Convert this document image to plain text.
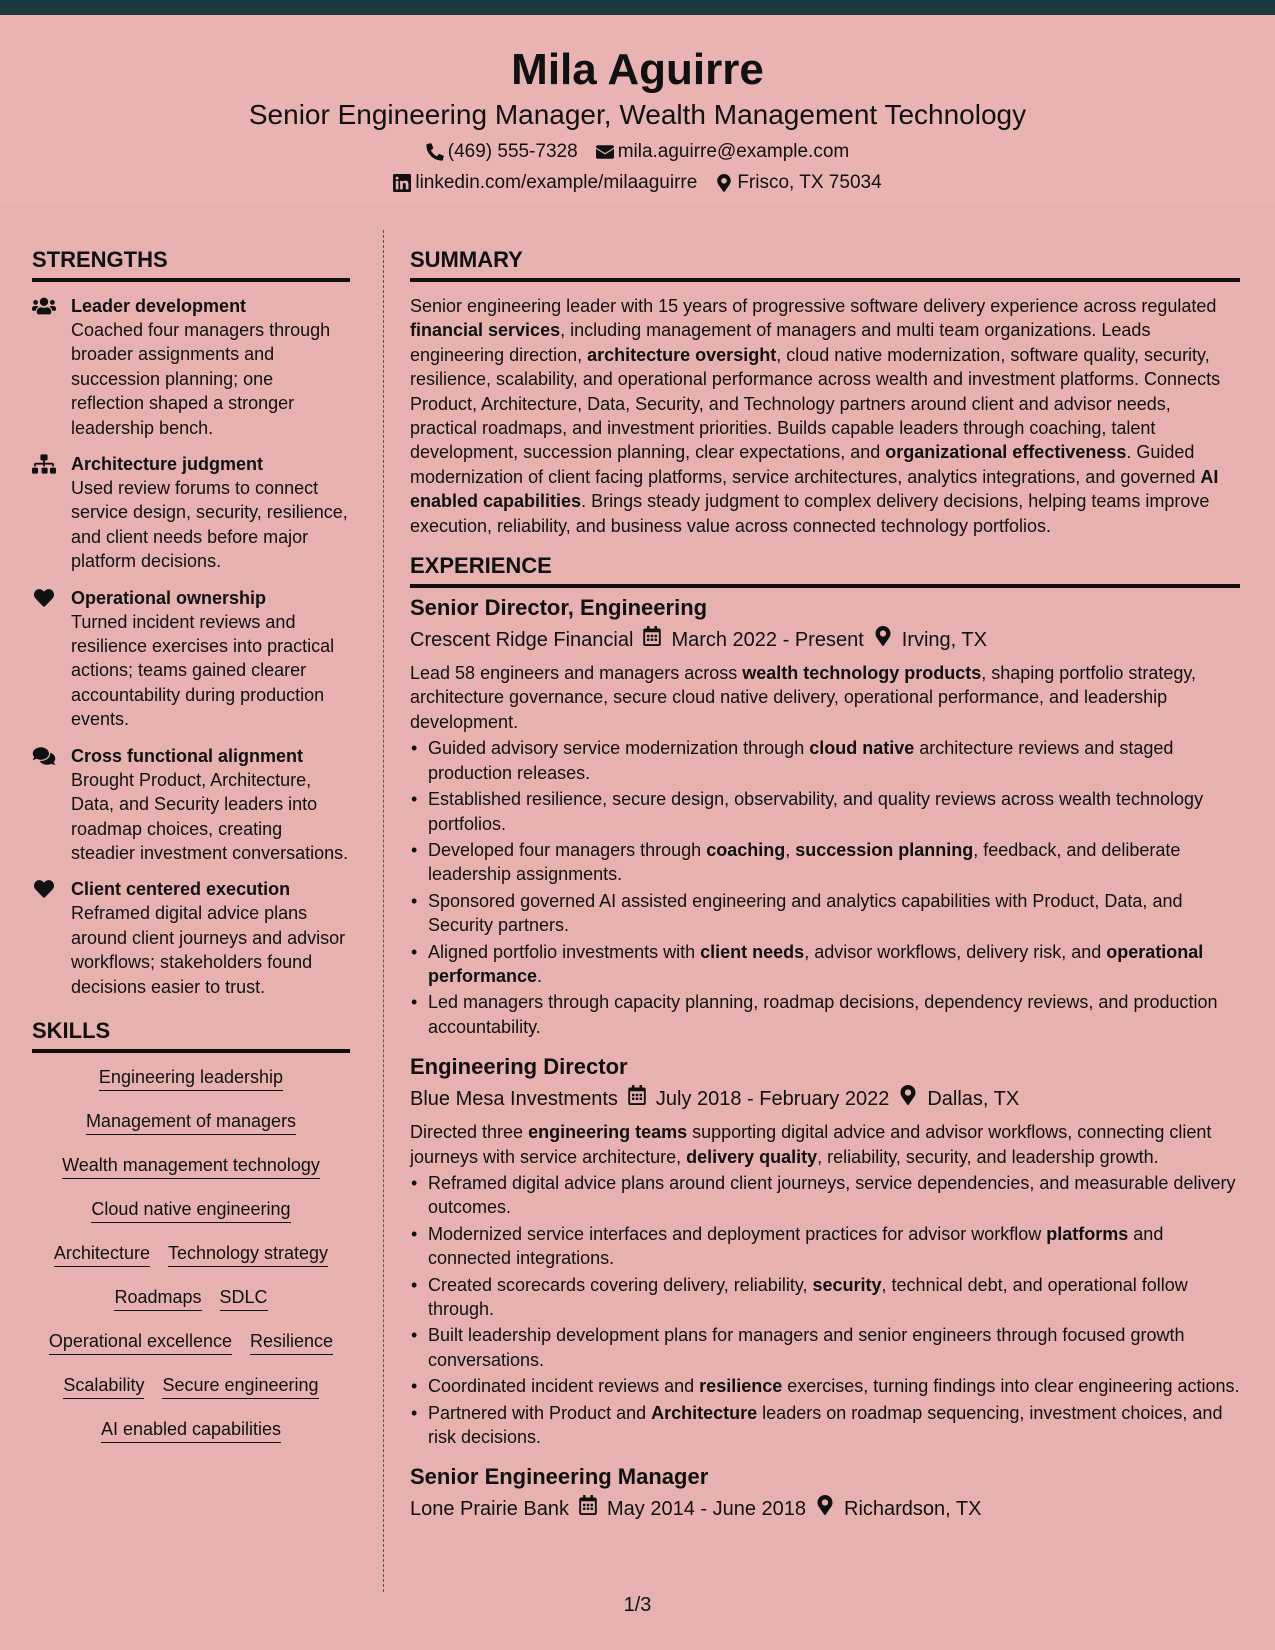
Mila Aguirre
Senior Engineering Manager, Wealth Management Technology
(469) 555-7328 mila.aguirre@example.com
linkedin.com/example/milaaguirre Frisco, TX 75034
STRENGTHS
Leader development
Coached four managers through broader assignments and succession planning; one reflection shaped a stronger leadership bench.
Architecture judgment
Used review forums to connect service design, security, resilience, and client needs before major platform decisions.
Operational ownership
Turned incident reviews and resilience exercises into practical actions; teams gained clearer accountability during production events.
Cross functional alignment
Brought Product, Architecture, Data, and Security leaders into roadmap choices, creating steadier investment conversations.
Client centered execution
Reframed digital advice plans around client journeys and advisor workflows; stakeholders found decisions easier to trust.
SKILLS
Engineering leadership
Management of managers
Wealth management technology
Cloud native engineering
Architecture Technology strategy
Roadmaps SDLC
Operational excellence Resilience
Scalability Secure engineering
AI enabled capabilities
SUMMARY
Senior engineering leader with 15 years of progressive software delivery experience across regulated financial services, including management of managers and multi team organizations. Leads engineering direction, architecture oversight, cloud native modernization, software quality, security, resilience, scalability, and operational performance across wealth and investment platforms. Connects Product, Architecture, Data, Security, and Technology partners around client and advisor needs, practical roadmaps, and investment priorities. Builds capable leaders through coaching, talent development, succession planning, clear expectations, and organizational effectiveness. Guided modernization of client facing platforms, service architectures, analytics integrations, and governed AI enabled capabilities. Brings steady judgment to complex delivery decisions, helping teams improve execution, reliability, and business value across connected technology portfolios.
EXPERIENCE
Senior Director, Engineering
Crescent Ridge Financial March 2022 - Present Irving, TX
Lead 58 engineers and managers across wealth technology products, shaping portfolio strategy, architecture governance, secure cloud native delivery, operational performance, and leadership development.
• Guided advisory service modernization through cloud native architecture reviews and staged production releases.
• Established resilience, secure design, observability, and quality reviews across wealth technology portfolios.
• Developed four managers through coaching, succession planning, feedback, and deliberate leadership assignments.
• Sponsored governed AI assisted engineering and analytics capabilities with Product, Data, and Security partners.
• Aligned portfolio investments with client needs, advisor workflows, delivery risk, and operational performance.
• Led managers through capacity planning, roadmap decisions, dependency reviews, and production accountability.
Engineering Director
Blue Mesa Investments July 2018 - February 2022 Dallas, TX
Directed three engineering teams supporting digital advice and advisor workflows, connecting client journeys with service architecture, delivery quality, reliability, security, and leadership growth.
• Reframed digital advice plans around client journeys, service dependencies, and measurable delivery outcomes.
• Modernized service interfaces and deployment practices for advisor workflow platforms and connected integrations.
• Created scorecards covering delivery, reliability, security, technical debt, and operational follow through.
• Built leadership development plans for managers and senior engineers through focused growth conversations.
• Coordinated incident reviews and resilience exercises, turning findings into clear engineering actions.
• Partnered with Product and Architecture leaders on roadmap sequencing, investment choices, and risk decisions.
Senior Engineering Manager
Lone Prairie Bank May 2014 - June 2018 Richardson, TX
1/3
